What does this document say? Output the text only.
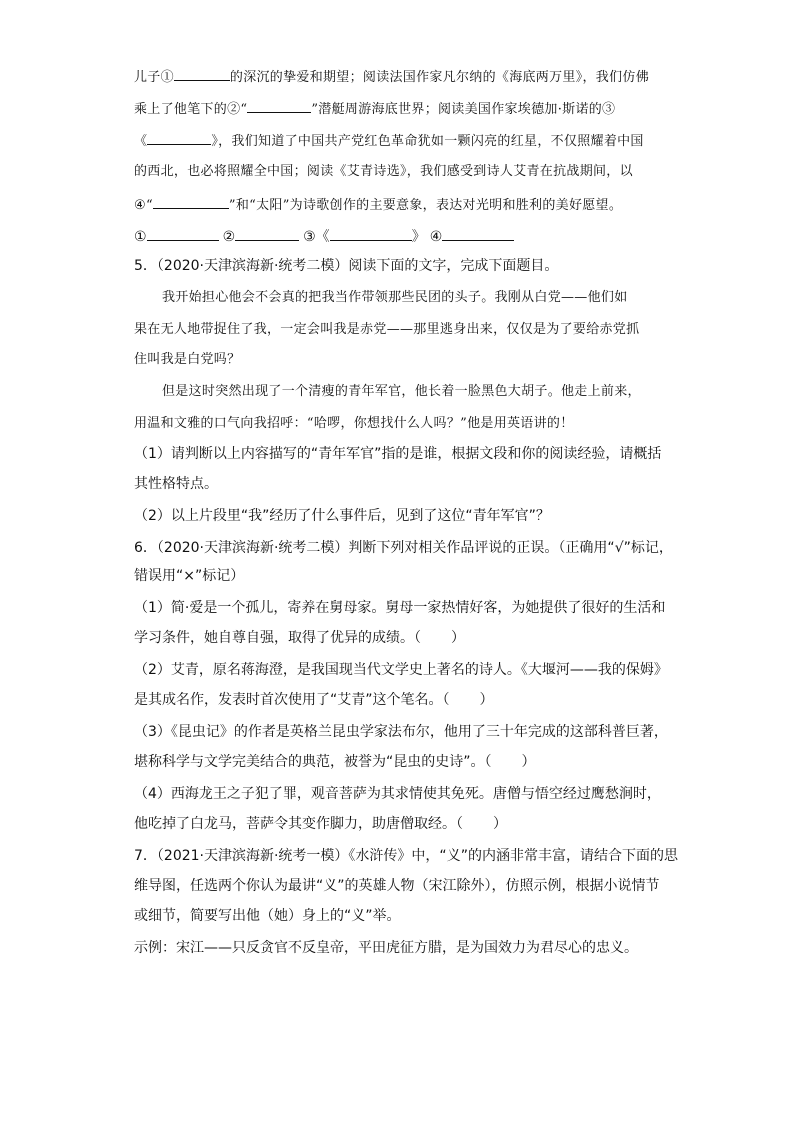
儿子①	的深沉的挚爱和期望；阅读法国作家凡尔纳的《海底两万里》，我们仿佛
乘上了他笔下的②“	”潜艇周游海底世界；阅读美国作家埃德加·斯诺的③
《	》，我们知道了中国共产党红色革命犹如一颗闪亮的红星，不仅照耀着中国
的西北，也必将照耀全中国；阅读《艾青诗选》，我们感受到诗人艾青在抗战期间，以
④“	”和“太阳”为诗歌创作的主要意象，表达对光明和胜利的美好愿望。
①	②	③《	》 ④
5．（2020·天津滨海新·统考二模）阅读下面的文字，完成下面题目。
我开始担心他会不会真的把我当作带领那些民团的头子。我刚从白党——他们如
果在无人地带捉住了我，一定会叫我是赤党——那里逃身出来，仅仅是为了要给赤党抓
住叫我是白党吗？
但是这时突然出现了一个清瘦的青年军官，他长着一脸黑色大胡子。他走上前来，
用温和文雅的口气向我招呼：“哈啰，你想找什么人吗？”他是用英语讲的！
（1）请判断以上内容描写的“青年军官”指的是谁，根据文段和你的阅读经验，请概括
其性格特点。
（2）以上片段里“我”经历了什么事件后，见到了这位“青年军官”？
6．（2020·天津滨海新·统考二模）判断下列对相关作品评说的正误。（正确用“√”标记，
错误用“×”标记）
（1）简·爱是一个孤儿，寄养在舅母家。舅母一家热情好客，为她提供了很好的生活和
学习条件，她自尊自强，取得了优异的成绩。（ ）
（2）艾青，原名蒋海澄，是我国现当代文学史上著名的诗人。《大堰河——我的保姆》
是其成名作，发表时首次使用了“艾青”这个笔名。（ ）
（3）《昆虫记》的作者是英格兰昆虫学家法布尔，他用了三十年完成的这部科普巨著，
堪称科学与文学完美结合的典范，被誉为“昆虫的史诗”。（ ）
（4）西海龙王之子犯了罪，观音菩萨为其求情使其免死。唐僧与悟空经过鹰愁涧时，
他吃掉了白龙马，菩萨令其变作脚力，助唐僧取经。（ ）
7．（2021·天津滨海新·统考一模）《水浒传》中，“义”的内涵非常丰富，请结合下面的思
维导图，任选两个你认为最讲“义”的英雄人物（宋江除外），仿照示例，根据小说情节
或细节，简要写出他（她）身上的“义”举。
示例：宋江——只反贪官不反皇帝，平田虎征方腊，是为国效力为君尽心的忠义。
